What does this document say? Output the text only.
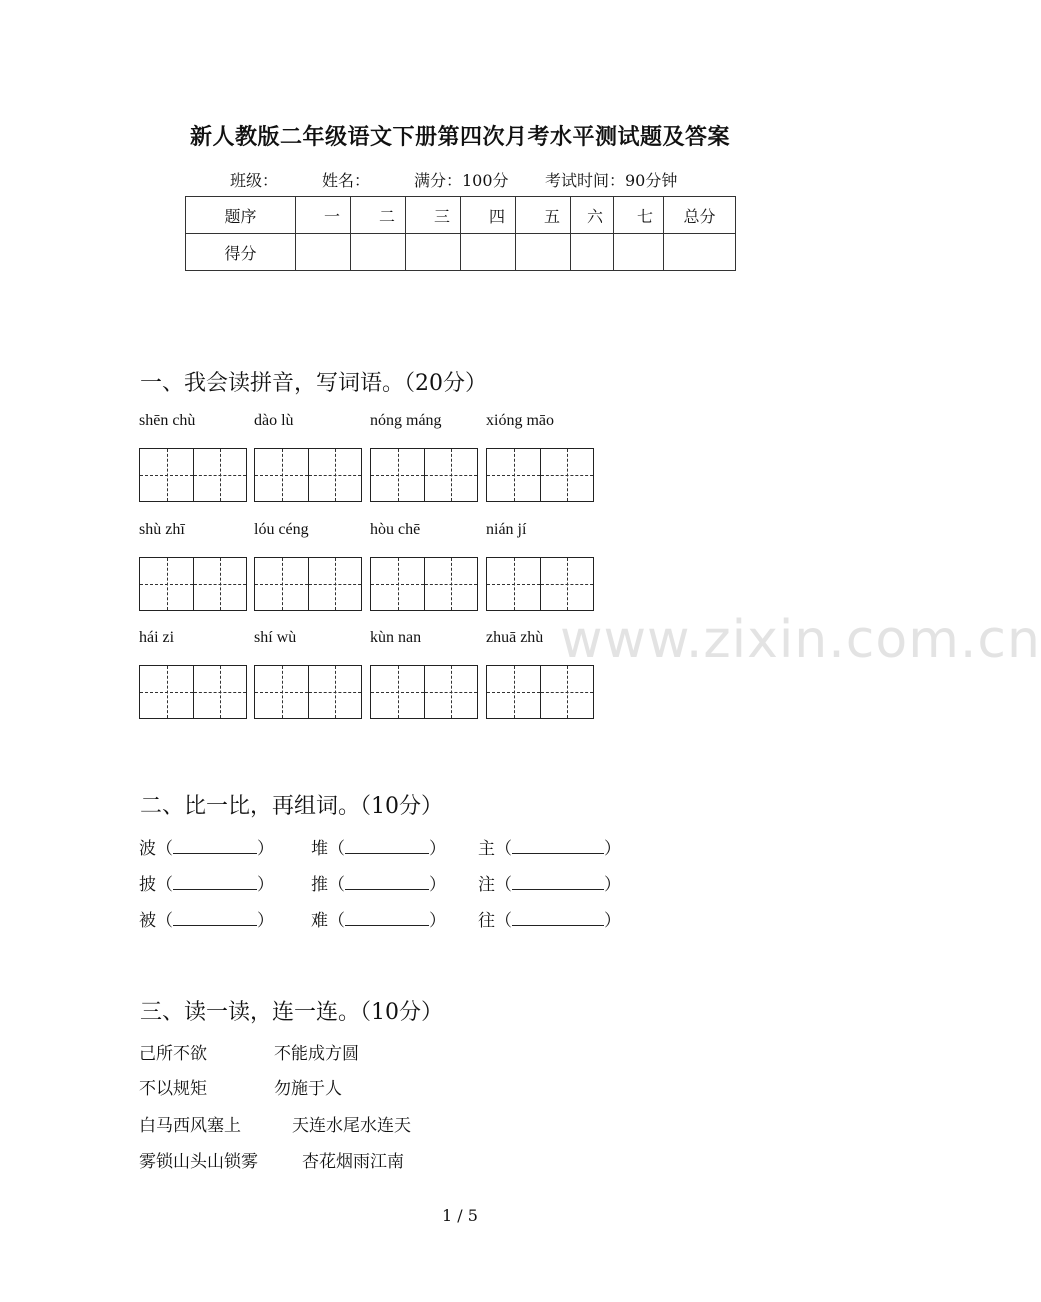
新人教版二年级语文下册第四次月考水平测试题及答案
班级：	姓名：	满分：100分 考试时间：90分钟
题序	一	二	三	四	五	六	七	总分
得分								
一、我会读拼音，写词语。（20分）
shēn chù	dào lù	nóng máng	xióng māo
shù zhī	lóu céng	hòu chē	nián jí
hái zi	shí wù	kùn nan	zhuā zhù www.zixin.com.cn
二、比一比，再组词。（10分）
波（	） 堆（	） 主（	）
披（	） 推（	） 注（	）
被（	） 难（	） 往（	）
三、读一读，连一连。（10分）
己所不欲	不能成方圆
不以规矩	勿施于人
白马西风塞上	天连水尾水连天
雾锁山头山锁雾	杏花烟雨江南
1 / 5
